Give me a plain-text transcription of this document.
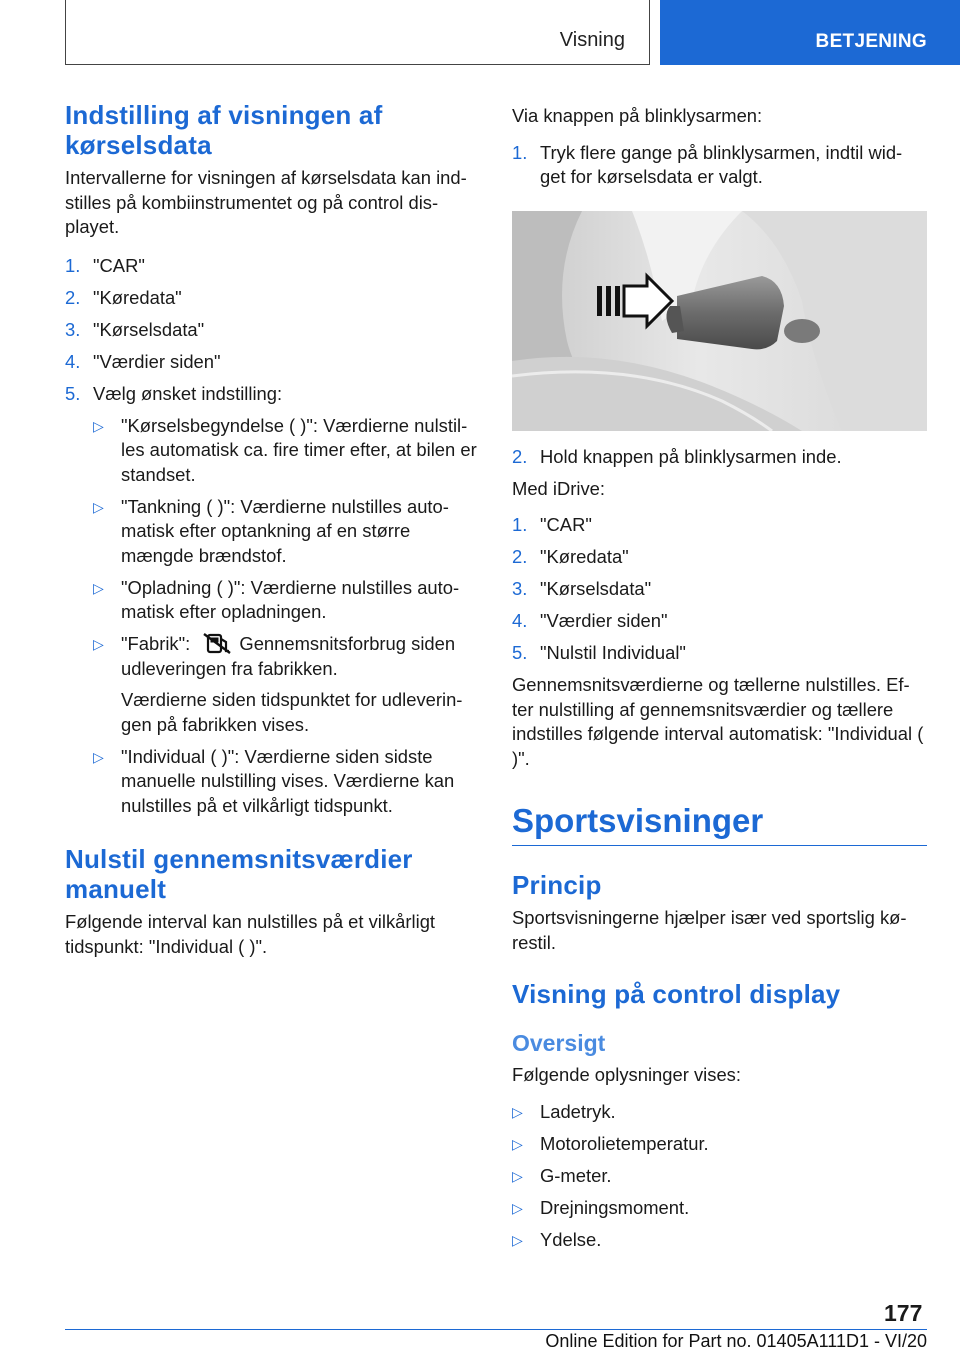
Visning	BETJENING
Indstilling af visningen af kørselsdata

Intervallerne for visningen af kørselsdata kan ind-stilles på kombiinstrumentet og på control dis-playet.

1. "CAR"
2. "Køredata"
3. "Kørselsdata"
4. "Værdier siden"
5. Vælg ønsket indstilling:
▷ "Kørselsbegyndelse ( )": Værdierne nulstil-les automatisk ca. fire timer efter, at bilen er standset.
▷ "Tankning ( )": Værdierne nulstilles auto-matisk efter optankning af en større mængde brændstof.
▷ "Opladning ( )": Værdierne nulstilles auto-matisk efter opladningen.
▷ "Fabrik":	Gennemsnitsforbrug siden udleveringen fra fabrikken.

Værdierne siden tidspunktet for udleverin-gen på fabrikken vises.

▷ "Individual ( )": Værdierne siden sidste manuelle nulstilling vises. Værdierne kan nulstilles på et vilkårligt tidspunkt.
Nulstil gennemsnitsværdier manuelt

Følgende interval kan nulstilles på et vilkårligt tidspunkt: "Individual ( )".

Via knappen på blinklysarmen:

1. Tryk flere gange på blinklysarmen, indtil wid-get for kørselsdata er valgt.
2. Hold knappen på blinklysarmen inde.

Med iDrive:

1. "CAR"
2. "Køredata"
3. "Kørselsdata"
4. "Værdier siden"
5. "Nulstil Individual"

Gennemsnitsværdierne og tællerne nulstilles. Ef-ter nulstilling af gennemsnitsværdier og tællere indstilles følgende interval automatisk: "Individual ( )".

Sportsvisninger
Princip

Sportsvisningerne hjælper især ved sportslig kø-restil.

Visning på control display
Oversigt

Følgende oplysninger vises:

▷ Ladetryk.
▷ Motorolietemperatur.
▷ G-meter.
▷ Drejningsmoment.
▷ Ydelse.
177
Online Edition for Part no. 01405A111D1 - VI/20
